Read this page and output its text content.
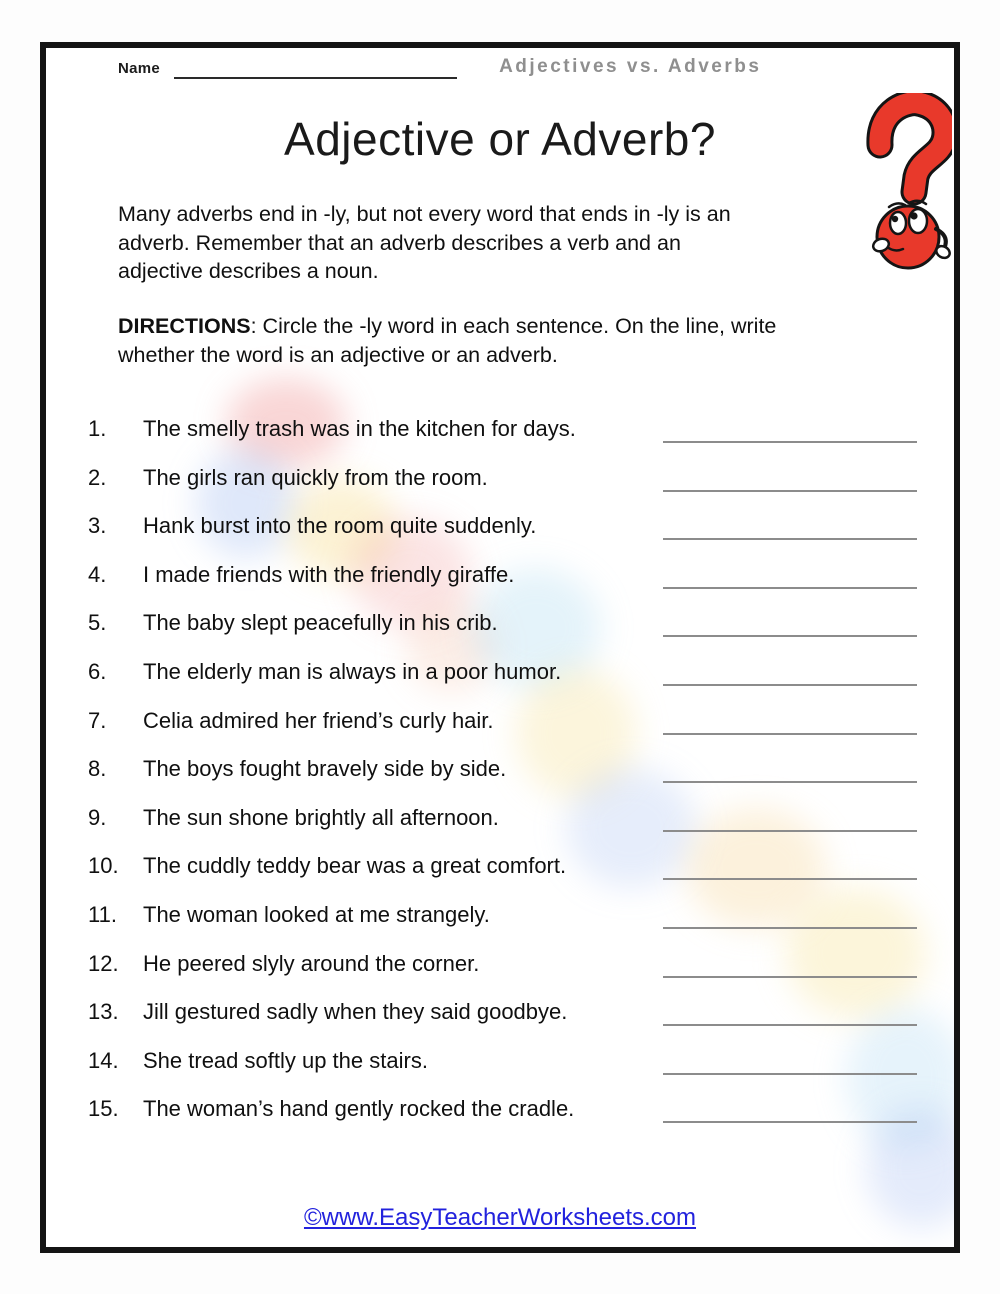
Name	Adjectives vs. Adverbs
Adjective or Adverb?
Many adverbs end in -ly, but not every word that ends in -ly is an
adverb. Remember that an adverb describes a verb and an
adjective describes a noun.
DIRECTIONS: Circle the -ly word in each sentence. On the line, write
whether the word is an adjective or an adverb.
1.	The smelly trash was in the kitchen for days.
2.	The girls ran quickly from the room.
3.	Hank burst into the room quite suddenly.
4.	I made friends with the friendly giraffe.
5.	The baby slept peacefully in his crib.
6.	The elderly man is always in a poor humor.
7.	Celia admired her friend’s curly hair.
8.	The boys fought bravely side by side.
9.	The sun shone brightly all afternoon.
10.	The cuddly teddy bear was a great comfort.
11.	The woman looked at me strangely.
12.	He peered slyly around the corner.
13.	Jill gestured sadly when they said goodbye.
14.	She tread softly up the stairs.
15.	The woman’s hand gently rocked the cradle.
©www.EasyTeacherWorksheets.com
